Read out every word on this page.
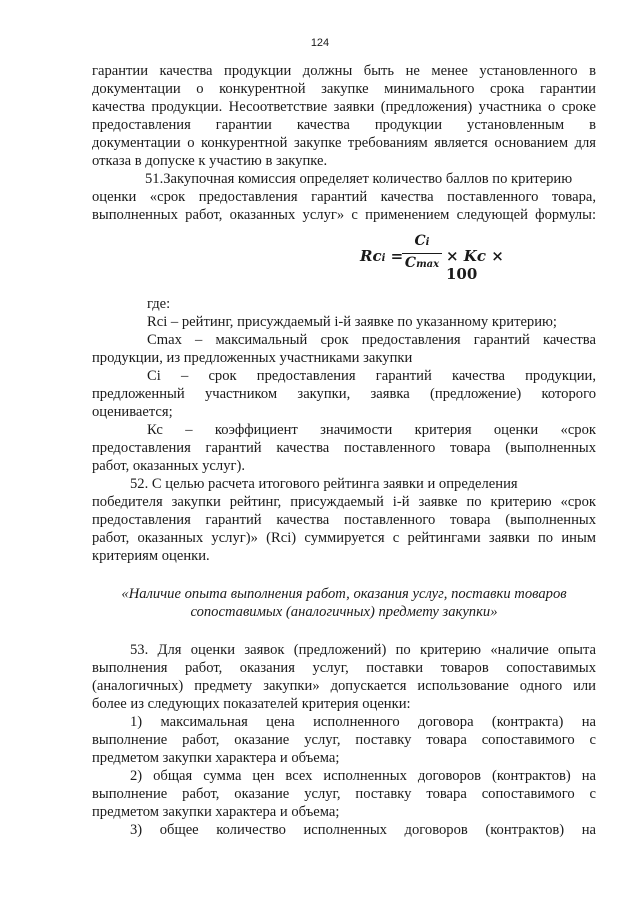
124
гарантии качества продукции должны быть не менее установленного в
документации о конкурентной закупке минимального срока гарантии
качества продукции. Несоответствие заявки (предложения) участника о сроке
предоставления гарантии качества продукции установленным в
документации о конкурентной закупке требованиям является основанием для
отказа в допуске к участию в закупке.
51.Закупочная комиссия определяет количество баллов по критерию
оценки «срок предоставления гарантий качества поставленного товара,
выполненных работ, оказанных услуг» с применением следующей формулы:
Rci =
Ci
Cmax × Kc × 100
где:
Rci – рейтинг, присуждаемый i-й заявке по указанному критерию;
Cmax – максимальный срок предоставления гарантий качества
продукции, из предложенных участниками закупки
Ci – срок предоставления гарантий качества продукции,
предложенный участником закупки, заявка (предложение) которого
оценивается;
Кс – коэффициент значимости критерия оценки «срок
предоставления гарантий качества поставленного товара (выполненных
работ, оказанных услуг).
52. С целью расчета итогового рейтинга заявки и определения
победителя закупки рейтинг, присуждаемый i-й заявке по критерию «срок
предоставления гарантий качества поставленного товара (выполненных
работ, оказанных услуг)» (Rci) суммируется с рейтингами заявки по иным
критериям оценки.
«Наличие опыта выполнения работ, оказания услуг, поставки товаров
сопоставимых (аналогичных) предмету закупки»
53. Для оценки заявок (предложений) по критерию «наличие опыта
выполнения работ, оказания услуг, поставки товаров сопоставимых
(аналогичных) предмету закупки» допускается использование одного или
более из следующих показателей критерия оценки:
1) максимальная цена исполненного договора (контракта) на
выполнение работ, оказание услуг, поставку товара сопоставимого с
предметом закупки характера и объема;
2) общая сумма цен всех исполненных договоров (контрактов) на
выполнение работ, оказание услуг, поставку товара сопоставимого с
предметом закупки характера и объема;
3) общее количество исполненных договоров (контрактов) на
